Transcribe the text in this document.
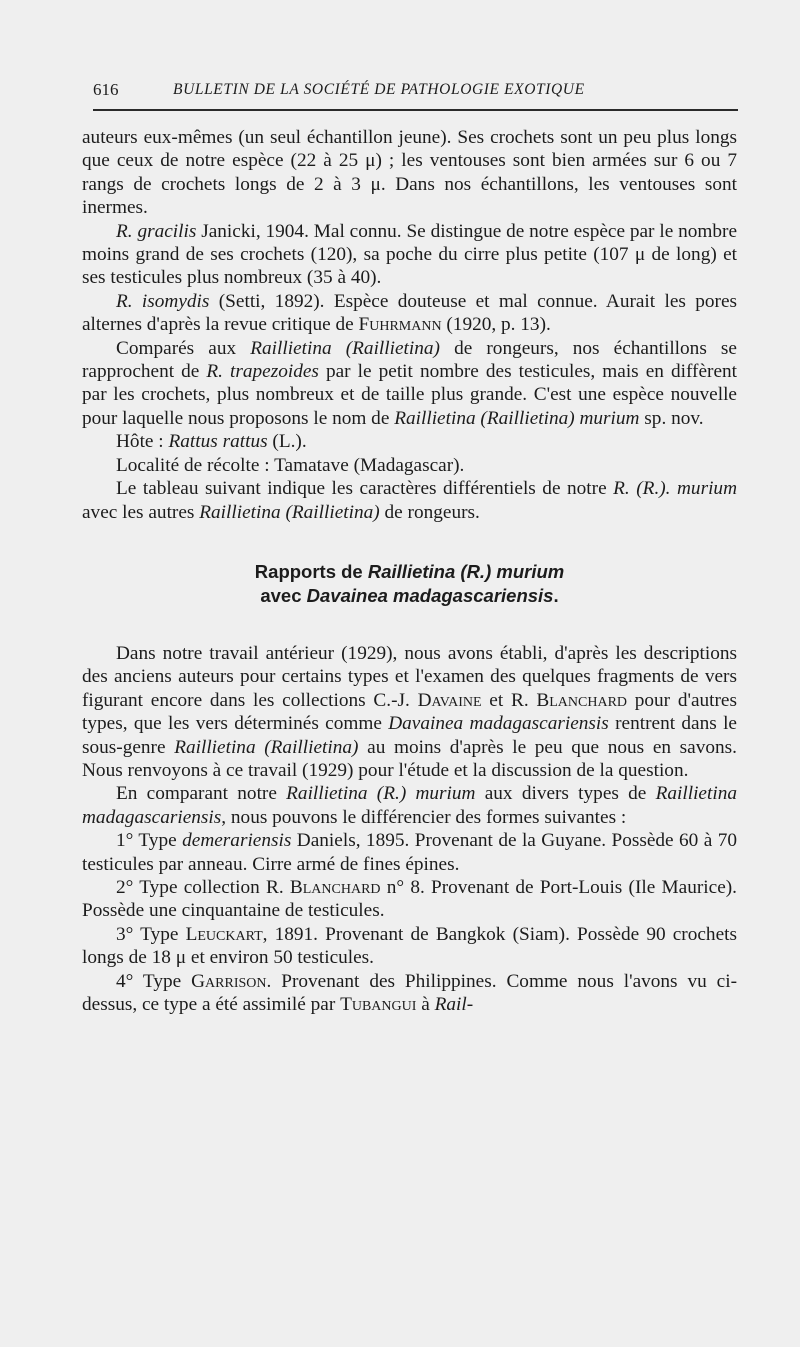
616	BULLETIN DE LA SOCIÉTÉ DE PATHOLOGIE EXOTIQUE

auteurs eux-mêmes (un seul échantillon jeune). Ses crochets sont un peu plus longs que ceux de notre espèce (22 à 25 μ) ; les ventouses sont bien armées sur 6 ou 7 rangs de crochets longs de 2 à 3 μ. Dans nos échantillons, les ventouses sont inermes.

R. gracilis Janicki, 1904. Mal connu. Se distingue de notre espèce par le nombre moins grand de ses crochets (120), sa poche du cirre plus petite (107 μ de long) et ses testicules plus nombreux (35 à 40).

R. isomydis (Setti, 1892). Espèce douteuse et mal connue. Aurait les pores alternes d'après la revue critique de Fuhrmann (1920, p. 13).

Comparés aux Raillietina (Raillietina) de rongeurs, nos échantillons se rapprochent de R. trapezoides par le petit nombre des testicules, mais en diffèrent par les crochets, plus nombreux et de taille plus grande. C'est une espèce nouvelle pour laquelle nous proposons le nom de Raillietina (Raillietina) murium sp. nov.

Hôte : Rattus rattus (L.).

Localité de récolte : Tamatave (Madagascar).

Le tableau suivant indique les caractères différentiels de notre R. (R.). murium avec les autres Raillietina (Raillietina) de rongeurs.

Rapports de Raillietina (R.) murium
avec Davainea madagascariensis.

Dans notre travail antérieur (1929), nous avons établi, d'après les descriptions des anciens auteurs pour certains types et l'examen des quelques fragments de vers figurant encore dans les collections C.-J. Davaine et R. Blanchard pour d'autres types, que les vers déterminés comme Davainea madagascariensis rentrent dans le sous-genre Raillietina (Raillietina) au moins d'après le peu que nous en savons. Nous renvoyons à ce travail (1929) pour l'étude et la discussion de la question.

En comparant notre Raillietina (R.) murium aux divers types de Raillietina madagascariensis, nous pouvons le différencier des formes suivantes :

1° Type demerariensis Daniels, 1895. Provenant de la Guyane. Possède 60 à 70 testicules par anneau. Cirre armé de fines épines.

2° Type collection R. Blanchard n° 8. Provenant de Port-Louis (Ile Maurice). Possède une cinquantaine de testicules.

3° Type Leuckart, 1891. Provenant de Bangkok (Siam). Possède 90 crochets longs de 18 μ et environ 50 testicules.

4° Type Garrison. Provenant des Philippines. Comme nous l'avons vu ci-dessus, ce type a été assimilé par Tubangui à Rail-
